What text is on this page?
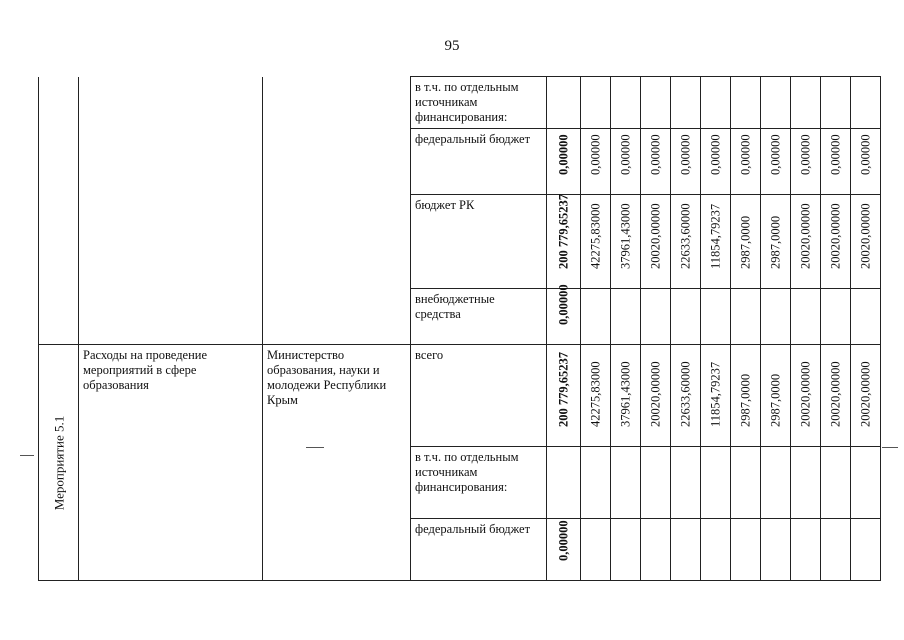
95
			в т.ч. по отдельным источникам финансирования:											
			федеральный бюджет	0,00000	0,00000	0,00000	0,00000	0,00000	0,00000	0,00000	0,00000	0,00000	0,00000	0,00000

			бюджет РК	200 779,65237	42275,83000	37961,43000	20020,00000	22633,60000	11854,79237	2987,0000	2987,0000	20020,00000	20020,00000	20020,00000

			внебюджетные средства	0,00000										

Мероприятие 5.1	Расходы на проведение мероприятий в сфере образования	Министерство образования, науки и молодежи Республики Крым	всего	200 779,65237	42275,83000	37961,43000	20020,00000	22633,60000	11854,79237	2987,0000	2987,0000	20020,00000	20020,00000	20020,00000

			в т.ч. по отдельным источникам финансирования:											
			федеральный бюджет	0,00000										
